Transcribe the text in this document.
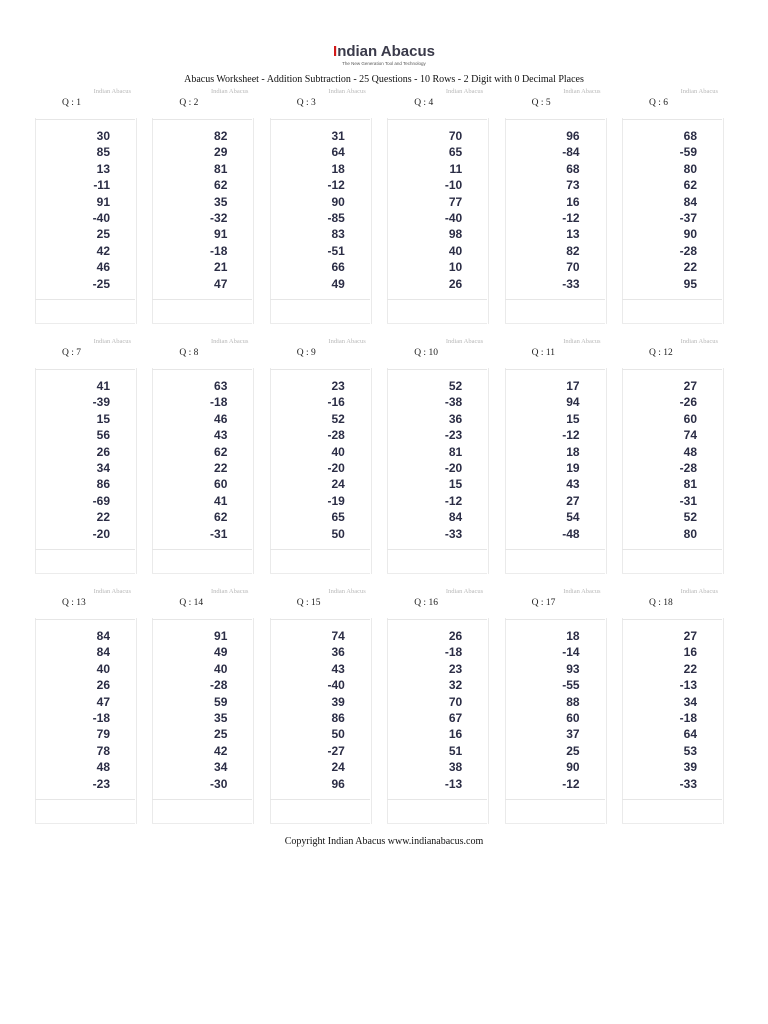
Indian Abacus
The New Generation Tool and Technology
Abacus Worksheet - Addition Subtraction - 25 Questions - 10 Rows - 2 Digit with 0 Decimal Places
Indian Abacus
Q : 1
30
85
13
-11
91
-40
25
42
46
-25
Indian Abacus
Q : 2
82
29
81
62
35
-32
91
-18
21
47
Indian Abacus
Q : 3
31
64
18
-12
90
-85
83
-51
66
49
Indian Abacus
Q : 4
70
65
11
-10
77
-40
98
40
10
26
Indian Abacus
Q : 5
96
-84
68
73
16
-12
13
82
70
-33
Indian Abacus
Q : 6
68
-59
80
62
84
-37
90
-28
22
95
Indian Abacus
Q : 7
41
-39
15
56
26
34
86
-69
22
-20
Indian Abacus
Q : 8
63
-18
46
43
62
22
60
41
62
-31
Indian Abacus
Q : 9
23
-16
52
-28
40
-20
24
-19
65
50
Indian Abacus
Q : 10
52
-38
36
-23
81
-20
15
-12
84
-33
Indian Abacus
Q : 11
17
94
15
-12
18
19
43
27
54
-48
Indian Abacus
Q : 12
27
-26
60
74
48
-28
81
-31
52
80
Indian Abacus
Q : 13
84
84
40
26
47
-18
79
78
48
-23
Indian Abacus
Q : 14
91
49
40
-28
59
35
25
42
34
-30
Indian Abacus
Q : 15
74
36
43
-40
39
86
50
-27
24
96
Indian Abacus
Q : 16
26
-18
23
32
70
67
16
51
38
-13
Indian Abacus
Q : 17
18
-14
93
-55
88
60
37
25
90
-12
Indian Abacus
Q : 18
27
16
22
-13
34
-18
64
53
39
-33
Copyright Indian Abacus www.indianabacus.com
